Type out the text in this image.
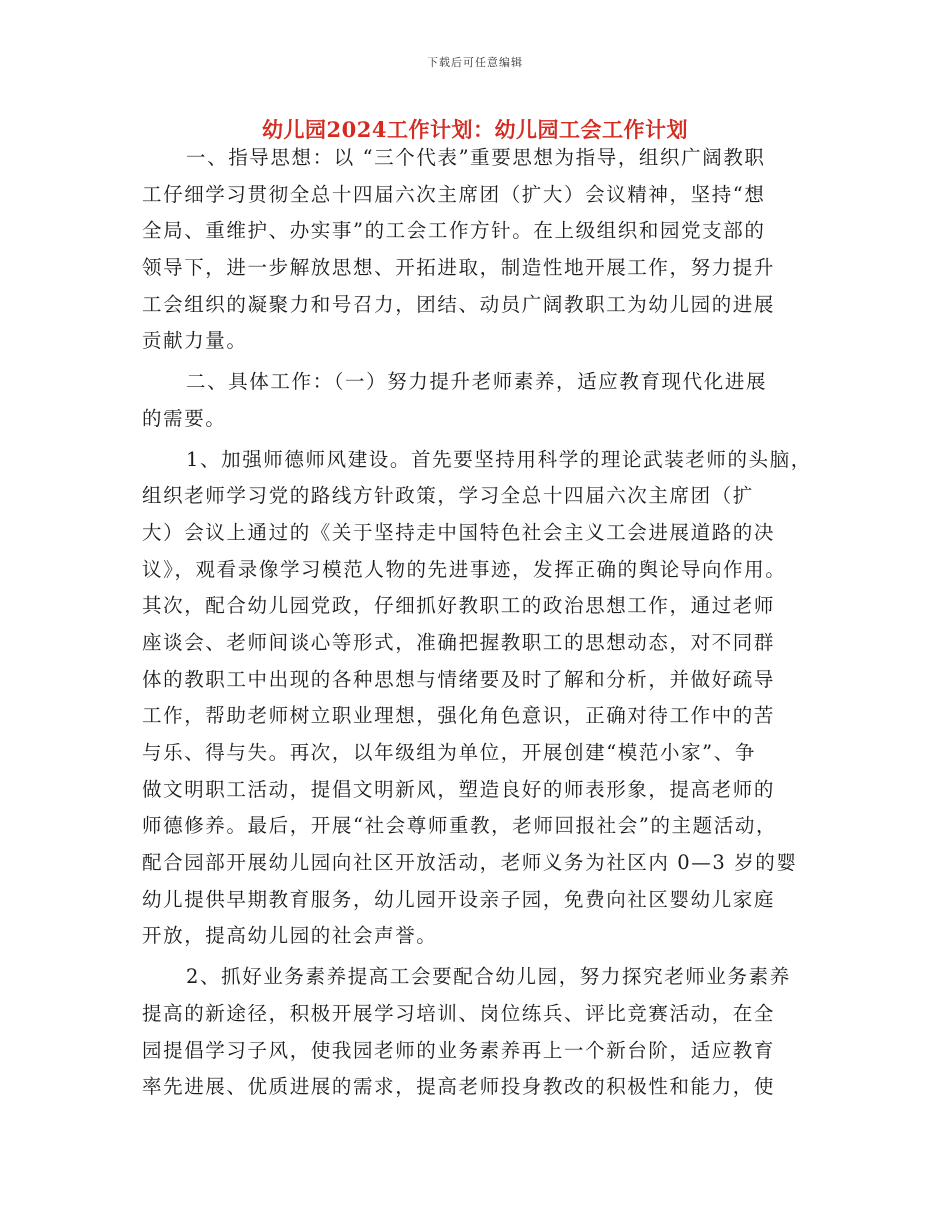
下载后可任意编辑
幼儿园2024工作计划：幼儿园工会工作计划
一、指导思想：以 “三个代表”重要思想为指导，组织广阔教职
工仔细学习贯彻全总十四届六次主席团（扩大）会议精神，坚持“想
全局、重维护、办实事”的工会工作方针。在上级组织和园党支部的
领导下，进一步解放思想、开拓进取，制造性地开展工作，努力提升
工会组织的凝聚力和号召力，团结、动员广阔教职工为幼儿园的进展
贡献力量。
二、具体工作：（一）努力提升老师素养，适应教育现代化进展
的需要。
1、加强师德师风建设。首先要坚持用科学的理论武装老师的头脑，
组织老师学习党的路线方针政策，学习全总十四届六次主席团（扩
大）会议上通过的《关于坚持走中国特色社会主义工会进展道路的决
议》，观看录像学习模范人物的先进事迹，发挥正确的舆论导向作用。
其次，配合幼儿园党政，仔细抓好教职工的政治思想工作，通过老师
座谈会、老师间谈心等形式，准确把握教职工的思想动态，对不同群
体的教职工中出现的各种思想与情绪要及时了解和分析，并做好疏导
工作，帮助老师树立职业理想，强化角色意识，正确对待工作中的苦
与乐、得与失。再次，以年级组为单位，开展创建“模范小家”、争
做文明职工活动，提倡文明新风，塑造良好的师表形象，提高老师的
师德修养。最后，开展“社会尊师重教，老师回报社会”的主题活动，
配合园部开展幼儿园向社区开放活动，老师义务为社区内 0—3 岁的婴
幼儿提供早期教育服务，幼儿园开设亲子园，免费向社区婴幼儿家庭
开放，提高幼儿园的社会声誉。
2、抓好业务素养提高工会要配合幼儿园，努力探究老师业务素养
提高的新途径，积极开展学习培训、岗位练兵、评比竞赛活动，在全
园提倡学习子风，使我园老师的业务素养再上一个新台阶，适应教育
率先进展、优质进展的需求，提高老师投身教改的积极性和能力，使
